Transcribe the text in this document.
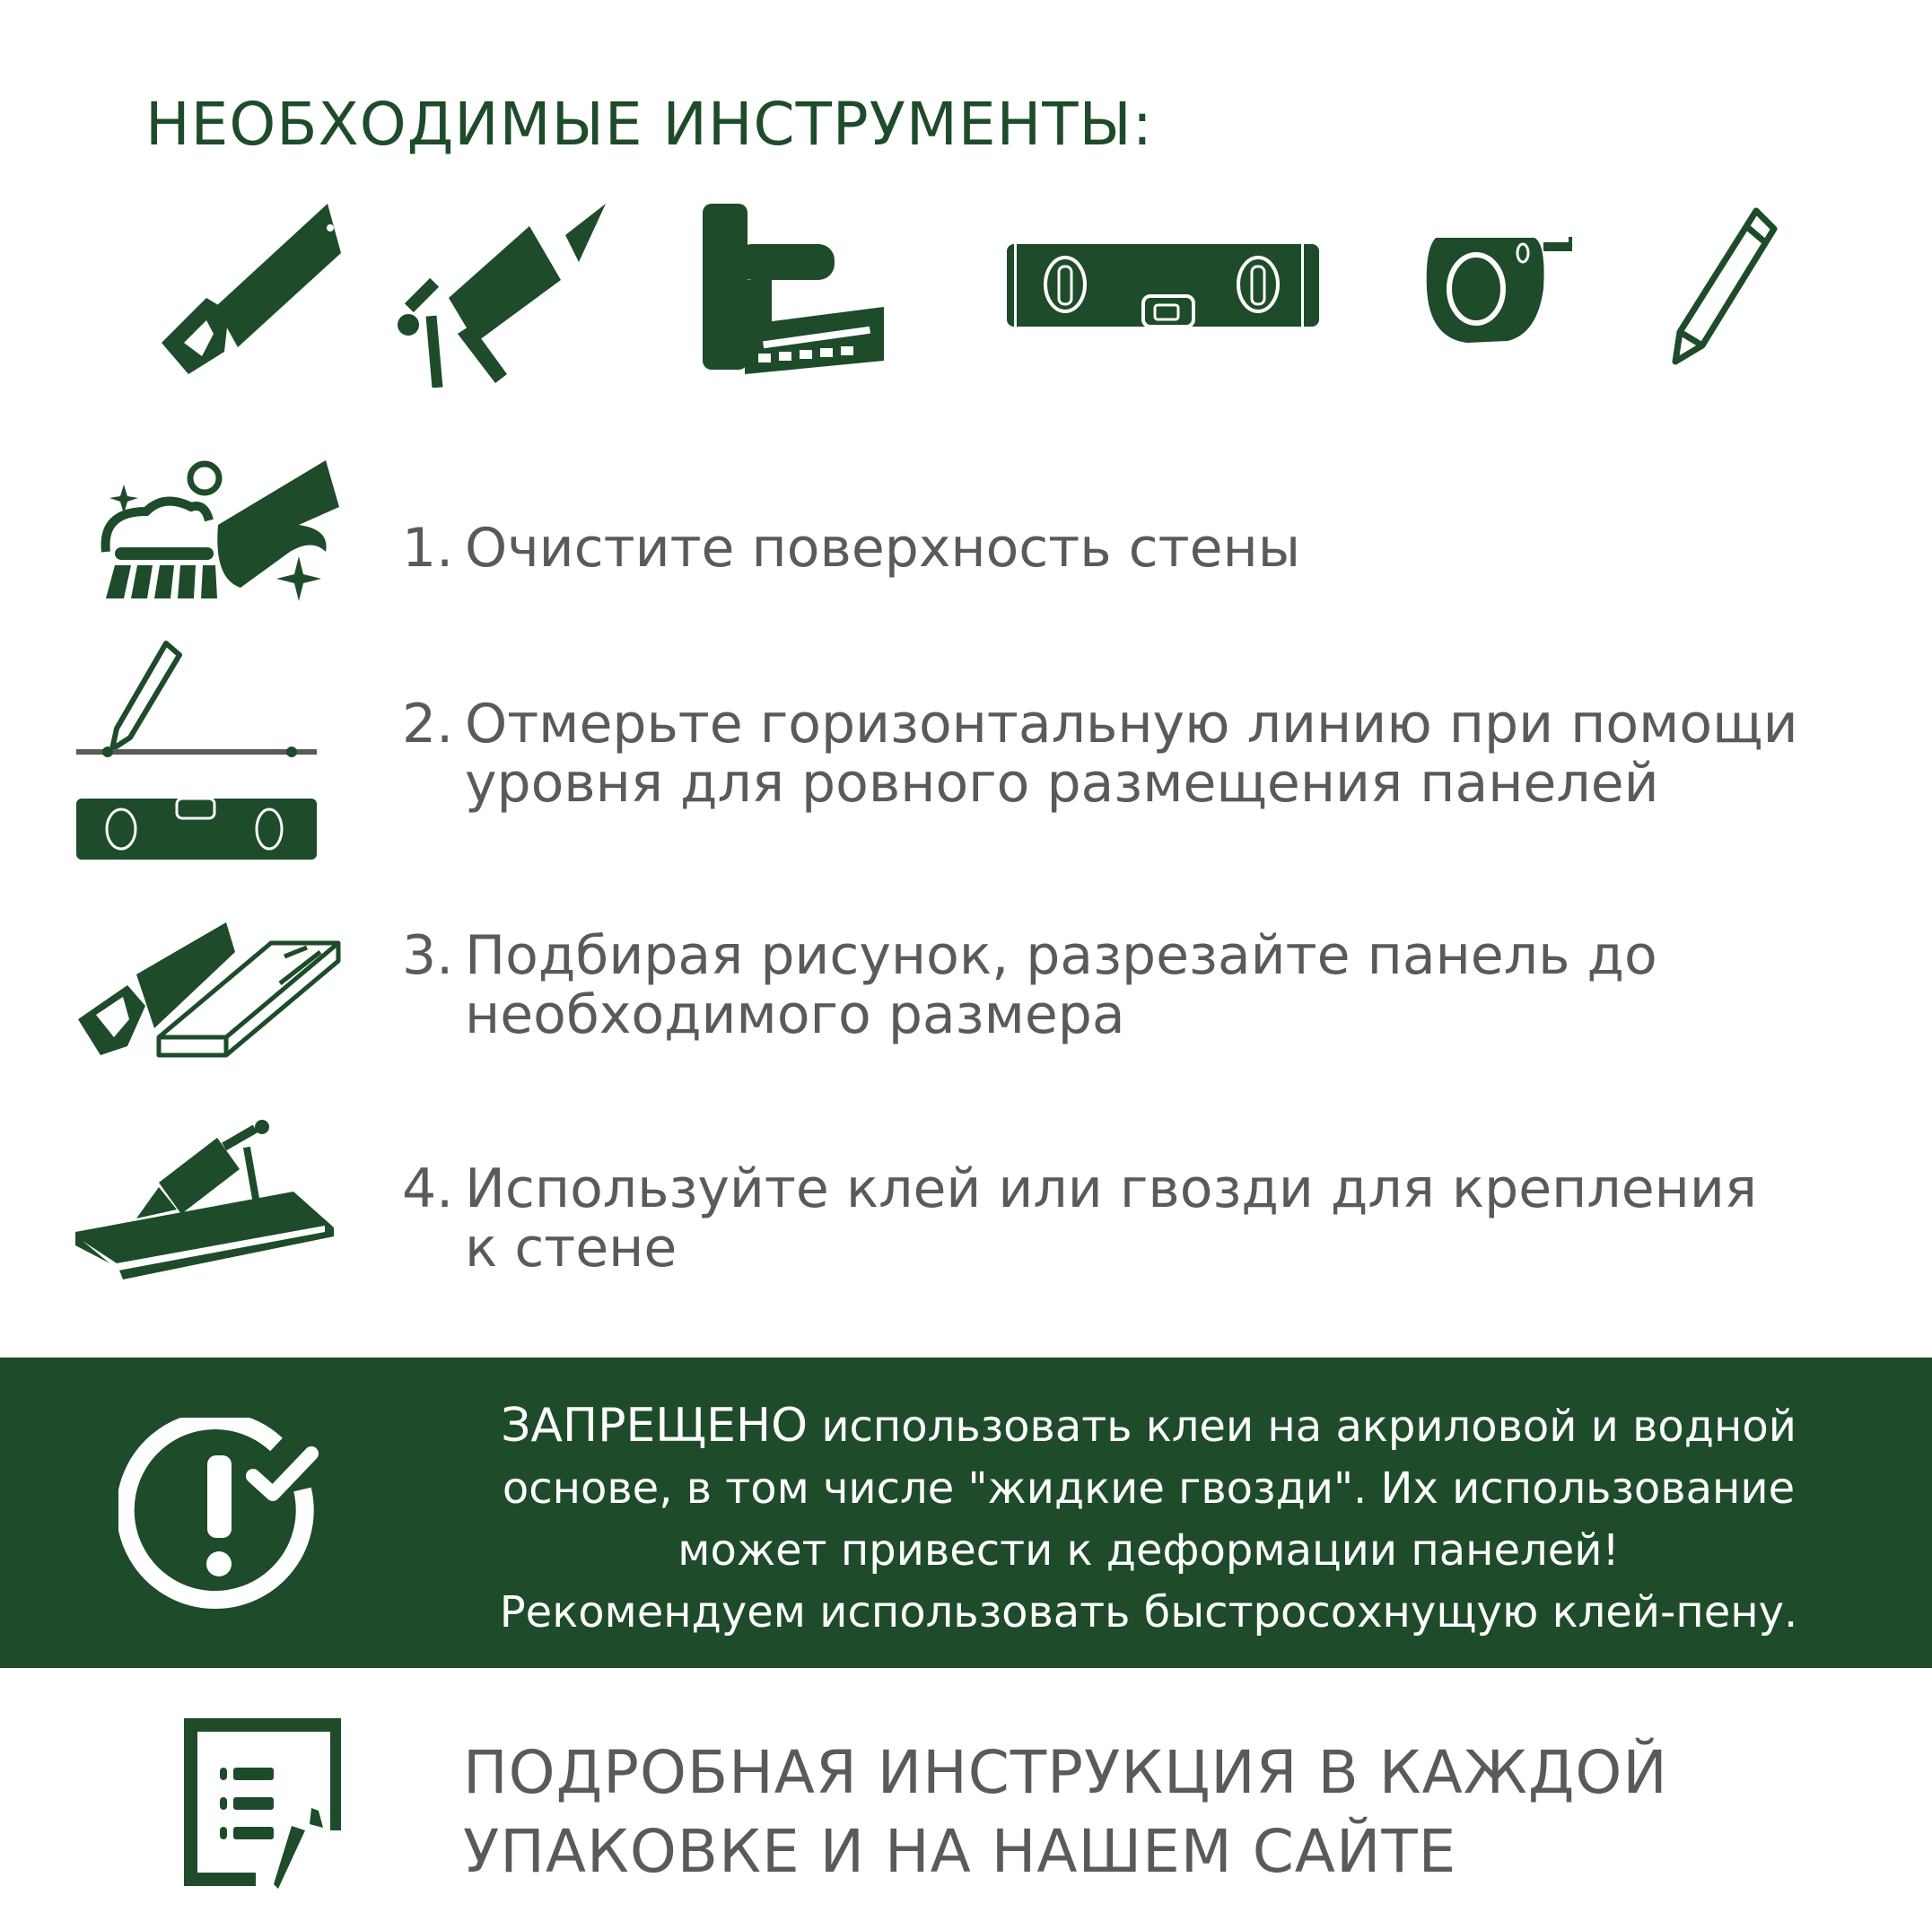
НЕОБХОДИМЫЕ ИНСТРУМЕНТЫ:
1. Очистите поверхность стены
2. Отмерьте горизонтальную линию при помощи
уровня для ровного размещения панелей
3. Подбирая рисунок, разрезайте панель до
необходимого размера
4. Используйте клей или гвозди для крепления
к стене
ЗАПРЕЩЕНО использовать клеи на акриловой и водной
основе, в том числе "жидкие гвозди". Их использование
может привести к деформации панелей!
Рекомендуем использовать быстросохнущую клей-пену.
ПОДРОБНАЯ ИНСТРУКЦИЯ В КАЖДОЙ
УПАКОВКЕ И НА НАШЕМ САЙТЕ
